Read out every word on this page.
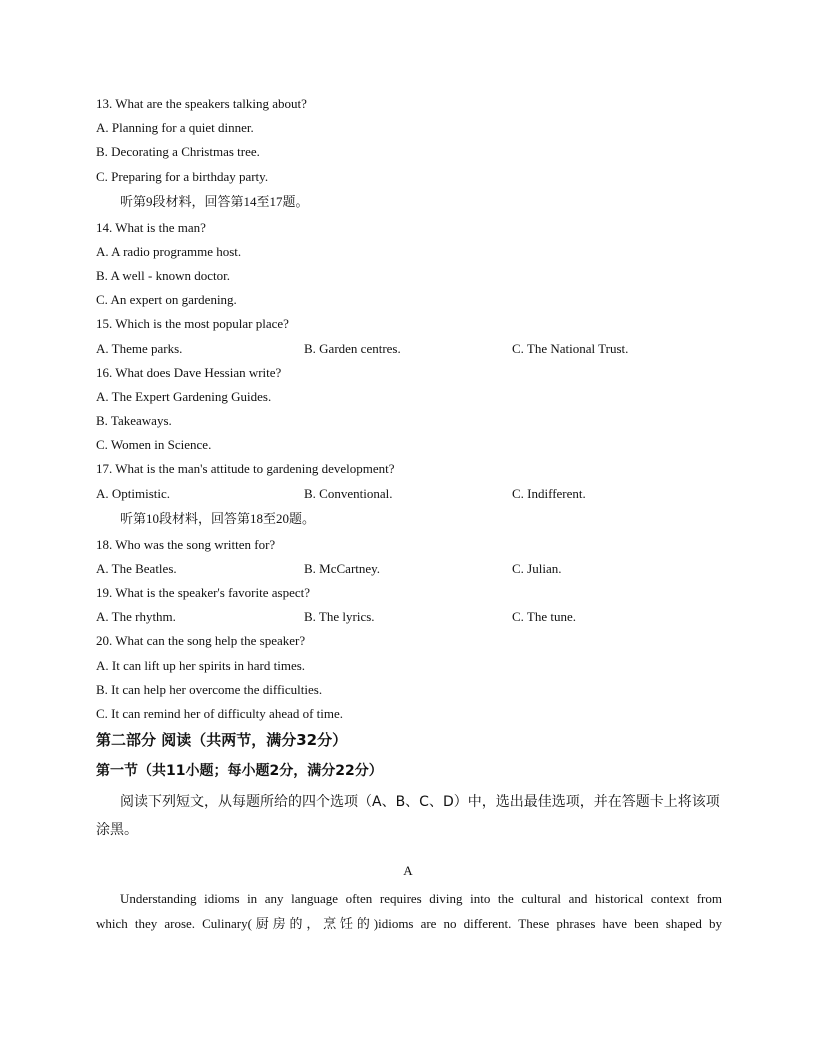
13. What are the speakers talking about?
A. Planning for a quiet dinner.
B. Decorating a Christmas tree.
C. Preparing for a birthday party.
听第9段材料，回答第14至17题。
14. What is the man?
A. A radio programme host.
B. A well - known doctor.
C. An expert on gardening.
15. Which is the most popular place?
A. Theme parks.	B. Garden centres.	C. The National Trust.
16. What does Dave Hessian write?
A. The Expert Gardening Guides.
B. Takeaways.
C. Women in Science.
17. What is the man's attitude to gardening development?
A. Optimistic.	B. Conventional.	C. Indifferent.
听第10段材料，回答第18至20题。
18. Who was the song written for?
A. The Beatles.	B. McCartney.	C. Julian.
19. What is the speaker's favorite aspect?
A. The rhythm.	B. The lyrics.	C. The tune.
20. What can the song help the speaker?
A. It can lift up her spirits in hard times.
B. It can help her overcome the difficulties.
C. It can remind her of difficulty ahead of time.
第二部分 阅读（共两节，满分32分）
第一节（共11小题；每小题2分，满分22分）
阅读下列短文，从每题所给的四个选项（A、B、C、D）中，选出最佳选项，并在答题卡上将该项涂黑。
A
Understanding idioms in any language often requires diving into the cultural and historical context from
which they arose. Culinary(厨房的，烹饪的)idioms are no different. These phrases have been shaped by
